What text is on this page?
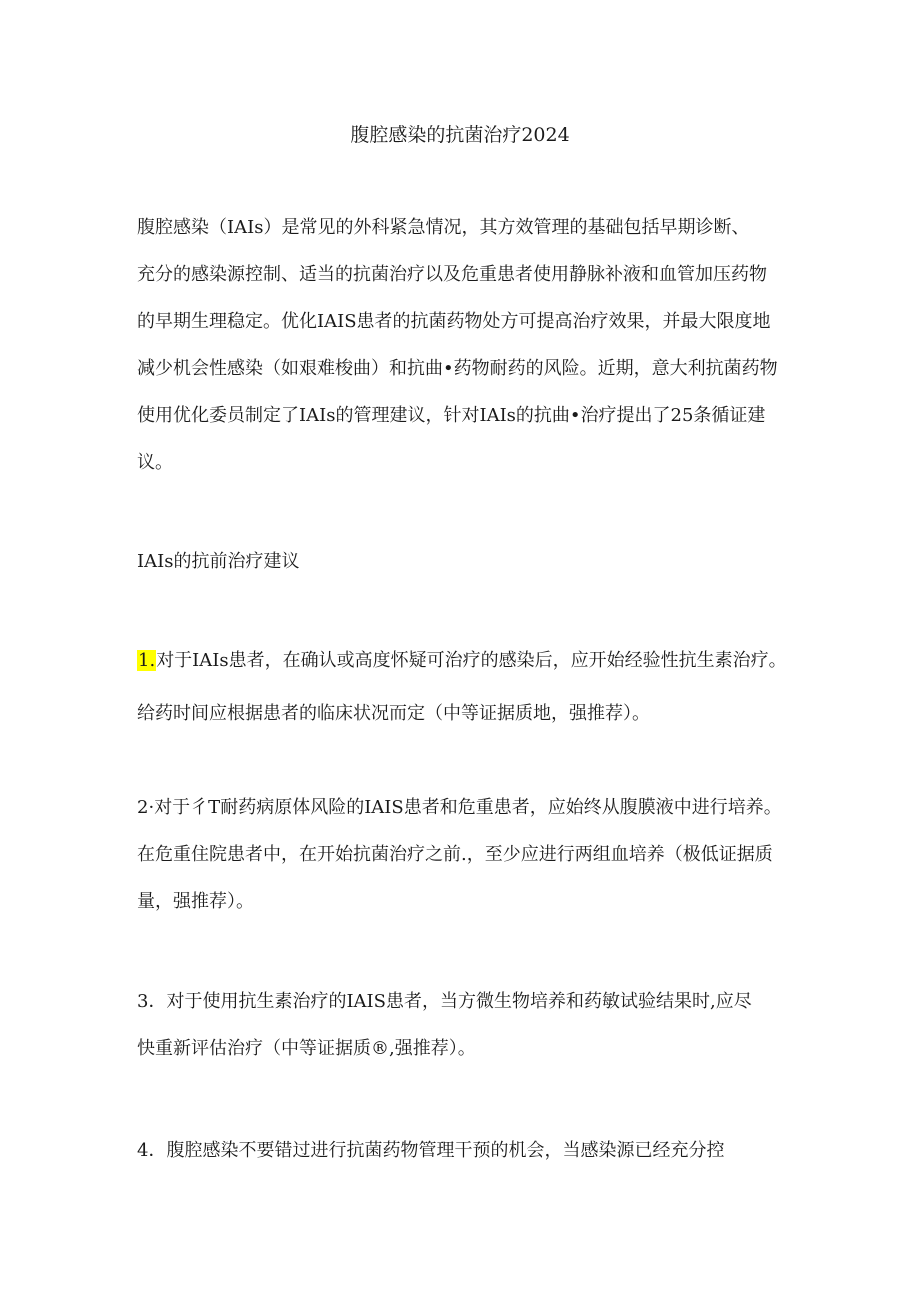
腹腔感染的抗菌治疗2024
腹腔感染（IAIs）是常见的外科紧急情况，其方效管理的基础包括早期诊断、
充分的感染源控制、适当的抗菌治疗以及危重患者使用静脉补液和血管加压药物
的早期生理稳定。优化IAIS患者的抗菌药物处方可提高治疗效果，并最大限度地
减少机会性感染（如艰难梭曲）和抗曲•药物耐药的风险。近期，意大利抗菌药物
使用优化委员制定了IAIs的管理建议，针对IAIs的抗曲•治疗提出了25条循证建
议。
IAIs的抗前治疗建议
1.对于IAIs患者，在确认或高度怀疑可治疗的感染后，应开始经验性抗生素治疗。
给药时间应根据患者的临床状况而定（中等证据质地，强推荐）。
2·对于彳T耐药病原体风险的IAIS患者和危重患者，应始终从腹膜液中进行培养。
在危重住院患者中，在开始抗菌治疗之前.，至少应进行两组血培养（极低证据质
量，强推荐）。
3．对于使用抗生素治疗的IAIS患者，当方微生物培养和药敏试验结果时,应尽
快重新评估治疗（中等证据质®,强推荐）。
4．腹腔感染不要错过进行抗菌药物管理干预的机会，当感染源已经充分控
